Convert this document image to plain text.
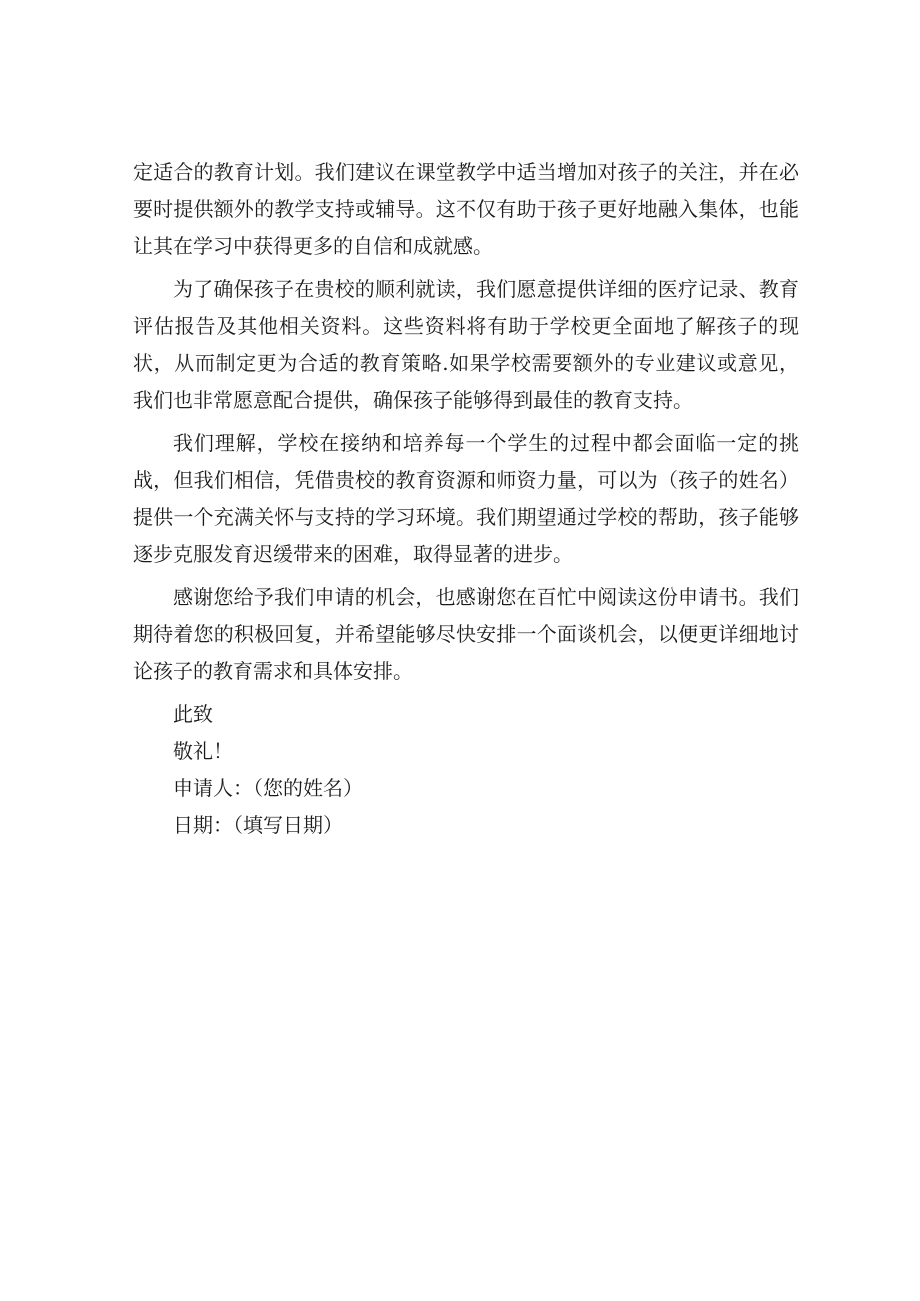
定适合的教育计划。我们建议在课堂教学中适当增加对孩子的关注，并在必要时提供额外的教学支持或辅导。这不仅有助于孩子更好地融入集体，也能让其在学习中获得更多的自信和成就感。

为了确保孩子在贵校的顺利就读，我们愿意提供详细的医疗记录、教育评估报告及其他相关资料。这些资料将有助于学校更全面地了解孩子的现状，从而制定更为合适的教育策略.如果学校需要额外的专业建议或意见，我们也非常愿意配合提供，确保孩子能够得到最佳的教育支持。

我们理解，学校在接纳和培养每一个学生的过程中都会面临一定的挑战，但我们相信，凭借贵校的教育资源和师资力量，可以为（孩子的姓名）提供一个充满关怀与支持的学习环境。我们期望通过学校的帮助，孩子能够逐步克服发育迟缓带来的困难，取得显著的进步。

感谢您给予我们申请的机会，也感谢您在百忙中阅读这份申请书。我们期待着您的积极回复，并希望能够尽快安排一个面谈机会，以便更详细地讨论孩子的教育需求和具体安排。

此致

敬礼！

申请人：（您的姓名）

日期：（填写日期）
